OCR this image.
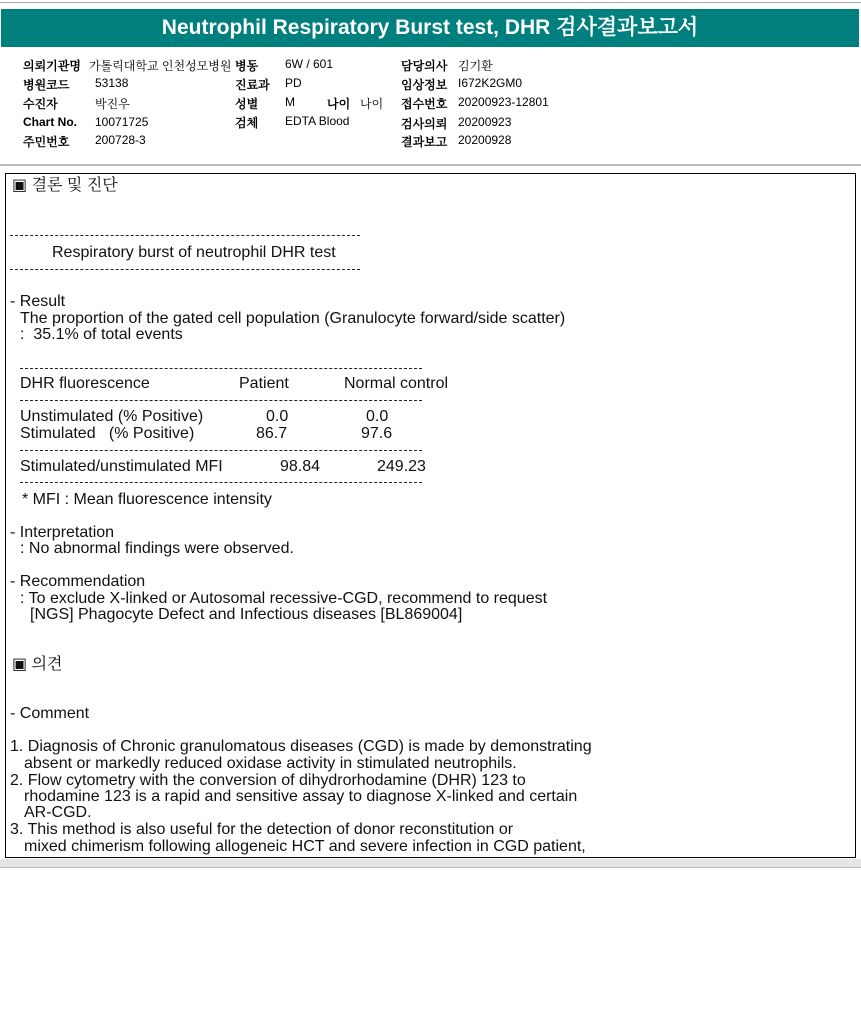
Neutrophil Respiratory Burst test, DHR 검사결과보고서
의뢰기관명 가톨릭대학교 인천성모병원 병동 6W / 601	담당의사 김기환
병원코드 53138	진료과 PD	임상정보 I672K2GM0
수진자	박진우	성별 M	나이 나이 접수번호 20200923-12801
Chart No. 10071725	검체 EDTA Blood	검사의뢰 20200923
주민번호 200728-3	결과보고 20200928
▣ 결론 및 진단
Respiratory burst of neutrophil DHR test
- Result
The proportion of the gated cell population (Granulocyte forward/side scatter)
:  35.1% of total events
DHR fluorescence	Patient	Normal control
Unstimulated (% Positive)	0.0	0.0
Stimulated   (% Positive)	86.7	97.6
Stimulated/unstimulated MFI	98.84	249.23
* MFI : Mean fluorescence intensity
- Interpretation
: No abnormal findings were observed.
- Recommendation
: To exclude X-linked or Autosomal recessive-CGD, recommend to request
[NGS] Phagocyte Defect and Infectious diseases [BL869004]
▣ 의견
- Comment
1. Diagnosis of Chronic granulomatous diseases (CGD) is made by demonstrating
absent or markedly reduced oxidase activity in stimulated neutrophils.
2. Flow cytometry with the conversion of dihydrorhodamine (DHR) 123 to
rhodamine 123 is a rapid and sensitive assay to diagnose X-linked and certain
AR-CGD.
3. This method is also useful for the detection of donor reconstitution or
mixed chimerism following allogeneic HCT and severe infection in CGD patient,
